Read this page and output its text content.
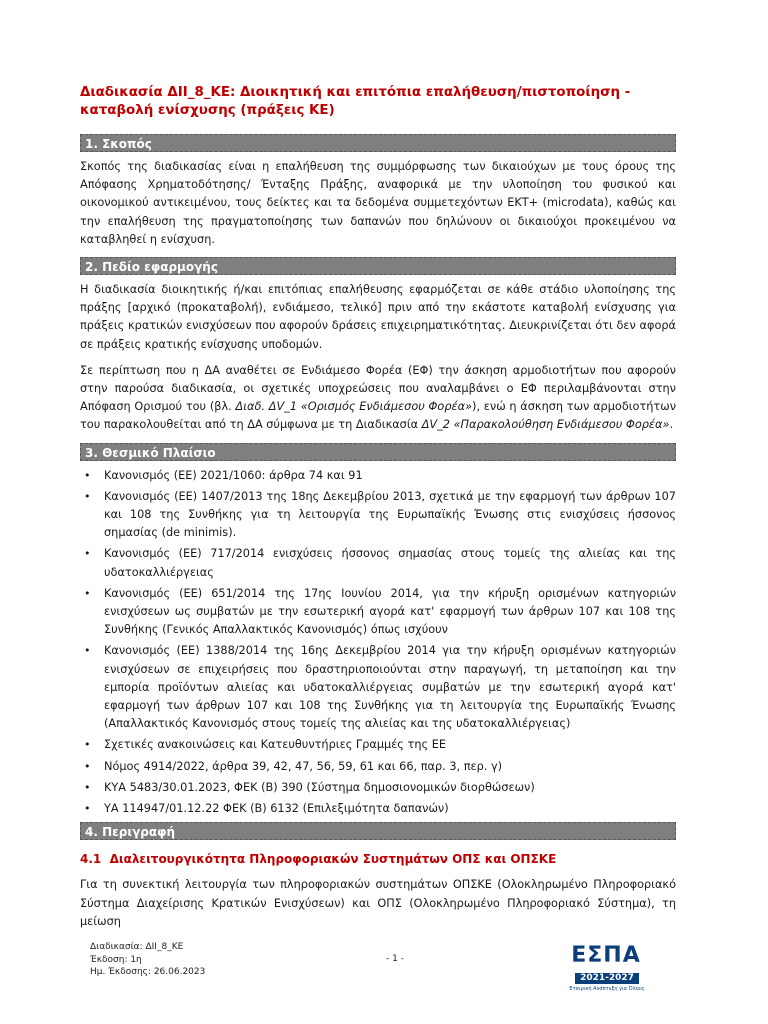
Διαδικασία ΔΙΙ_8_ΚΕ: Διοικητική και επιτόπια επαλήθευση/πιστοποίηση - καταβολή ενίσχυσης (πράξεις ΚΕ)
1. Σκοπός

Σκοπός της διαδικασίας είναι η επαλήθευση της συμμόρφωσης των δικαιούχων με τους όρους της Απόφασης Χρηματοδότησης/ Ένταξης Πράξης, αναφορικά με την υλοποίηση του φυσικού και οικονομικού αντικειμένου, τους δείκτες και τα δεδομένα συμμετεχόντων ΕΚΤ+ (microdata), καθώς και την επαλήθευση της πραγματοποίησης των δαπανών που δηλώνουν οι δικαιούχοι προκειμένου να καταβληθεί η ενίσχυση.

2. Πεδίο εφαρμογής

Η διαδικασία διοικητικής ή/και επιτόπιας επαλήθευσης εφαρμόζεται σε κάθε στάδιο υλοποίησης της πράξης [αρχικό (προκαταβολή), ενδιάμεσο, τελικό] πριν από την εκάστοτε καταβολή ενίσχυσης για πράξεις κρατικών ενισχύσεων που αφορούν δράσεις επιχειρηματικότητας. Διευκρινίζεται ότι δεν αφορά σε πράξεις κρατικής ενίσχυσης υποδομών.

Σε περίπτωση που η ΔΑ αναθέτει σε Ενδιάμεσο Φορέα (ΕΦ) την άσκηση αρμοδιοτήτων που αφορούν στην παρούσα διαδικασία, οι σχετικές υποχρεώσεις που αναλαμβάνει ο ΕΦ περιλαμβάνονται στην Απόφαση Ορισμού του (βλ. Διαδ. ΔV_1 «Ορισμός Ενδιάμεσου Φορέα»), ενώ η άσκηση των αρμοδιοτήτων του παρακολουθείται από τη ΔΑ σύμφωνα με τη Διαδικασία ΔV_2 «Παρακολούθηση Ενδιάμεσου Φορέα».

3. Θεσμικό Πλαίσιο
• Κανονισμός (ΕΕ) 2021/1060: άρθρα 74 και 91
• Κανονισμός (ΕΕ) 1407/2013 της 18ης Δεκεμβρίου 2013, σχετικά με την εφαρμογή των άρθρων 107 και 108 της Συνθήκης για τη λειτουργία της Ευρωπαϊκής Ένωσης στις ενισχύσεις ήσσονος σημασίας (de minimis).
• Κανονισμός (ΕΕ) 717/2014 ενισχύσεις ήσσονος σημασίας στους τομείς της αλιείας και της υδατοκαλλιέργειας
• Κανονισμός (ΕΕ) 651/2014 της 17ης Ιουνίου 2014, για την κήρυξη ορισμένων κατηγοριών ενισχύσεων ως συμβατών με την εσωτερική αγορά κατ' εφαρμογή των άρθρων 107 και 108 της Συνθήκης (Γενικός Απαλλακτικός Κανονισμός) όπως ισχύουν
• Κανονισμός (ΕΕ) 1388/2014 της 16ης Δεκεμβρίου 2014 για την κήρυξη ορισμένων κατηγοριών ενισχύσεων σε επιχειρήσεις που δραστηριοποιούνται στην παραγωγή, τη μεταποίηση και την εμπορία προϊόντων αλιείας και υδατοκαλλιέργειας συμβατών με την εσωτερική αγορά κατ' εφαρμογή των άρθρων 107 και 108 της Συνθήκης για τη λειτουργία της Ευρωπαϊκής Ένωσης (Απαλλακτικός Κανονισμός στους τομείς της αλιείας και της υδατοκαλλιέργειας)
• Σχετικές ανακοινώσεις και Κατευθυντήριες Γραμμές της ΕΕ
• Νόμος 4914/2022, άρθρα 39, 42, 47, 56, 59, 61 και 66, παρ. 3, περ. γ)
• ΚΥΑ 5483/30.01.2023, ΦΕΚ (Β) 390 (Σύστημα δημοσιονομικών διορθώσεων)
• ΥΑ 114947/01.12.22 ΦΕΚ (Β) 6132 (Επιλεξιμότητα δαπανών)
4. Περιγραφή
4.1 Διαλειτουργικότητα Πληροφοριακών Συστημάτων ΟΠΣ και ΟΠΣΚΕ

Για τη συνεκτική λειτουργία των πληροφοριακών συστημάτων ΟΠΣΚΕ (Ολοκληρωμένο Πληροφοριακό Σύστημα Διαχείρισης Κρατικών Ενισχύσεων) και ΟΠΣ (Ολοκληρωμένο Πληροφοριακό Σύστημα), τη μείωση

Διαδικασία: ΔΙΙ_8_ΚΕ
Έκδοση: 1η
Ημ. Έκδοσης: 26.06.2023
- 1 -	ΕΣΠΑ
2021-2027
Εταιρική Ανάπτυξη για Όλους
